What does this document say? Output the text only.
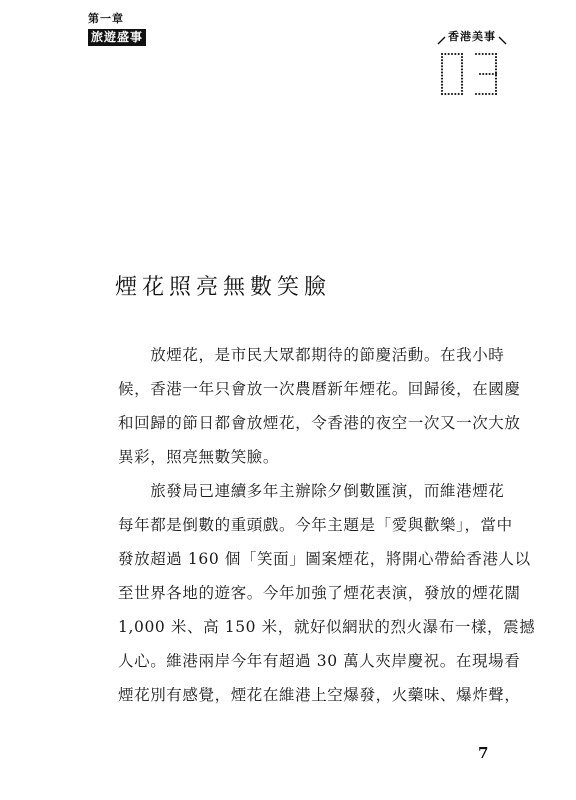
第一章
旅遊盛事	香港美事
煙花照亮無數笑臉
　　放煙花，是市民大眾都期待的節慶活動。在我小時
候，香港一年只會放一次農曆新年煙花。回歸後，在國慶
和回歸的節日都會放煙花，令香港的夜空一次又一次大放
異彩，照亮無數笑臉。
　　旅發局已連續多年主辦除夕倒數匯演，而維港煙花
每年都是倒數的重頭戲。今年主題是「愛與歡樂」，當中
發放超過 160 個「笑面」圖案煙花，將開心帶給香港人以
至世界各地的遊客。今年加強了煙花表演，發放的煙花闊
1,000 米、高 150 米，就好似網狀的烈火瀑布一樣，震撼
人心。維港兩岸今年有超過 30 萬人夾岸慶祝。在現場看
煙花別有感覺，煙花在維港上空爆發，火藥味、爆炸聲，
7
